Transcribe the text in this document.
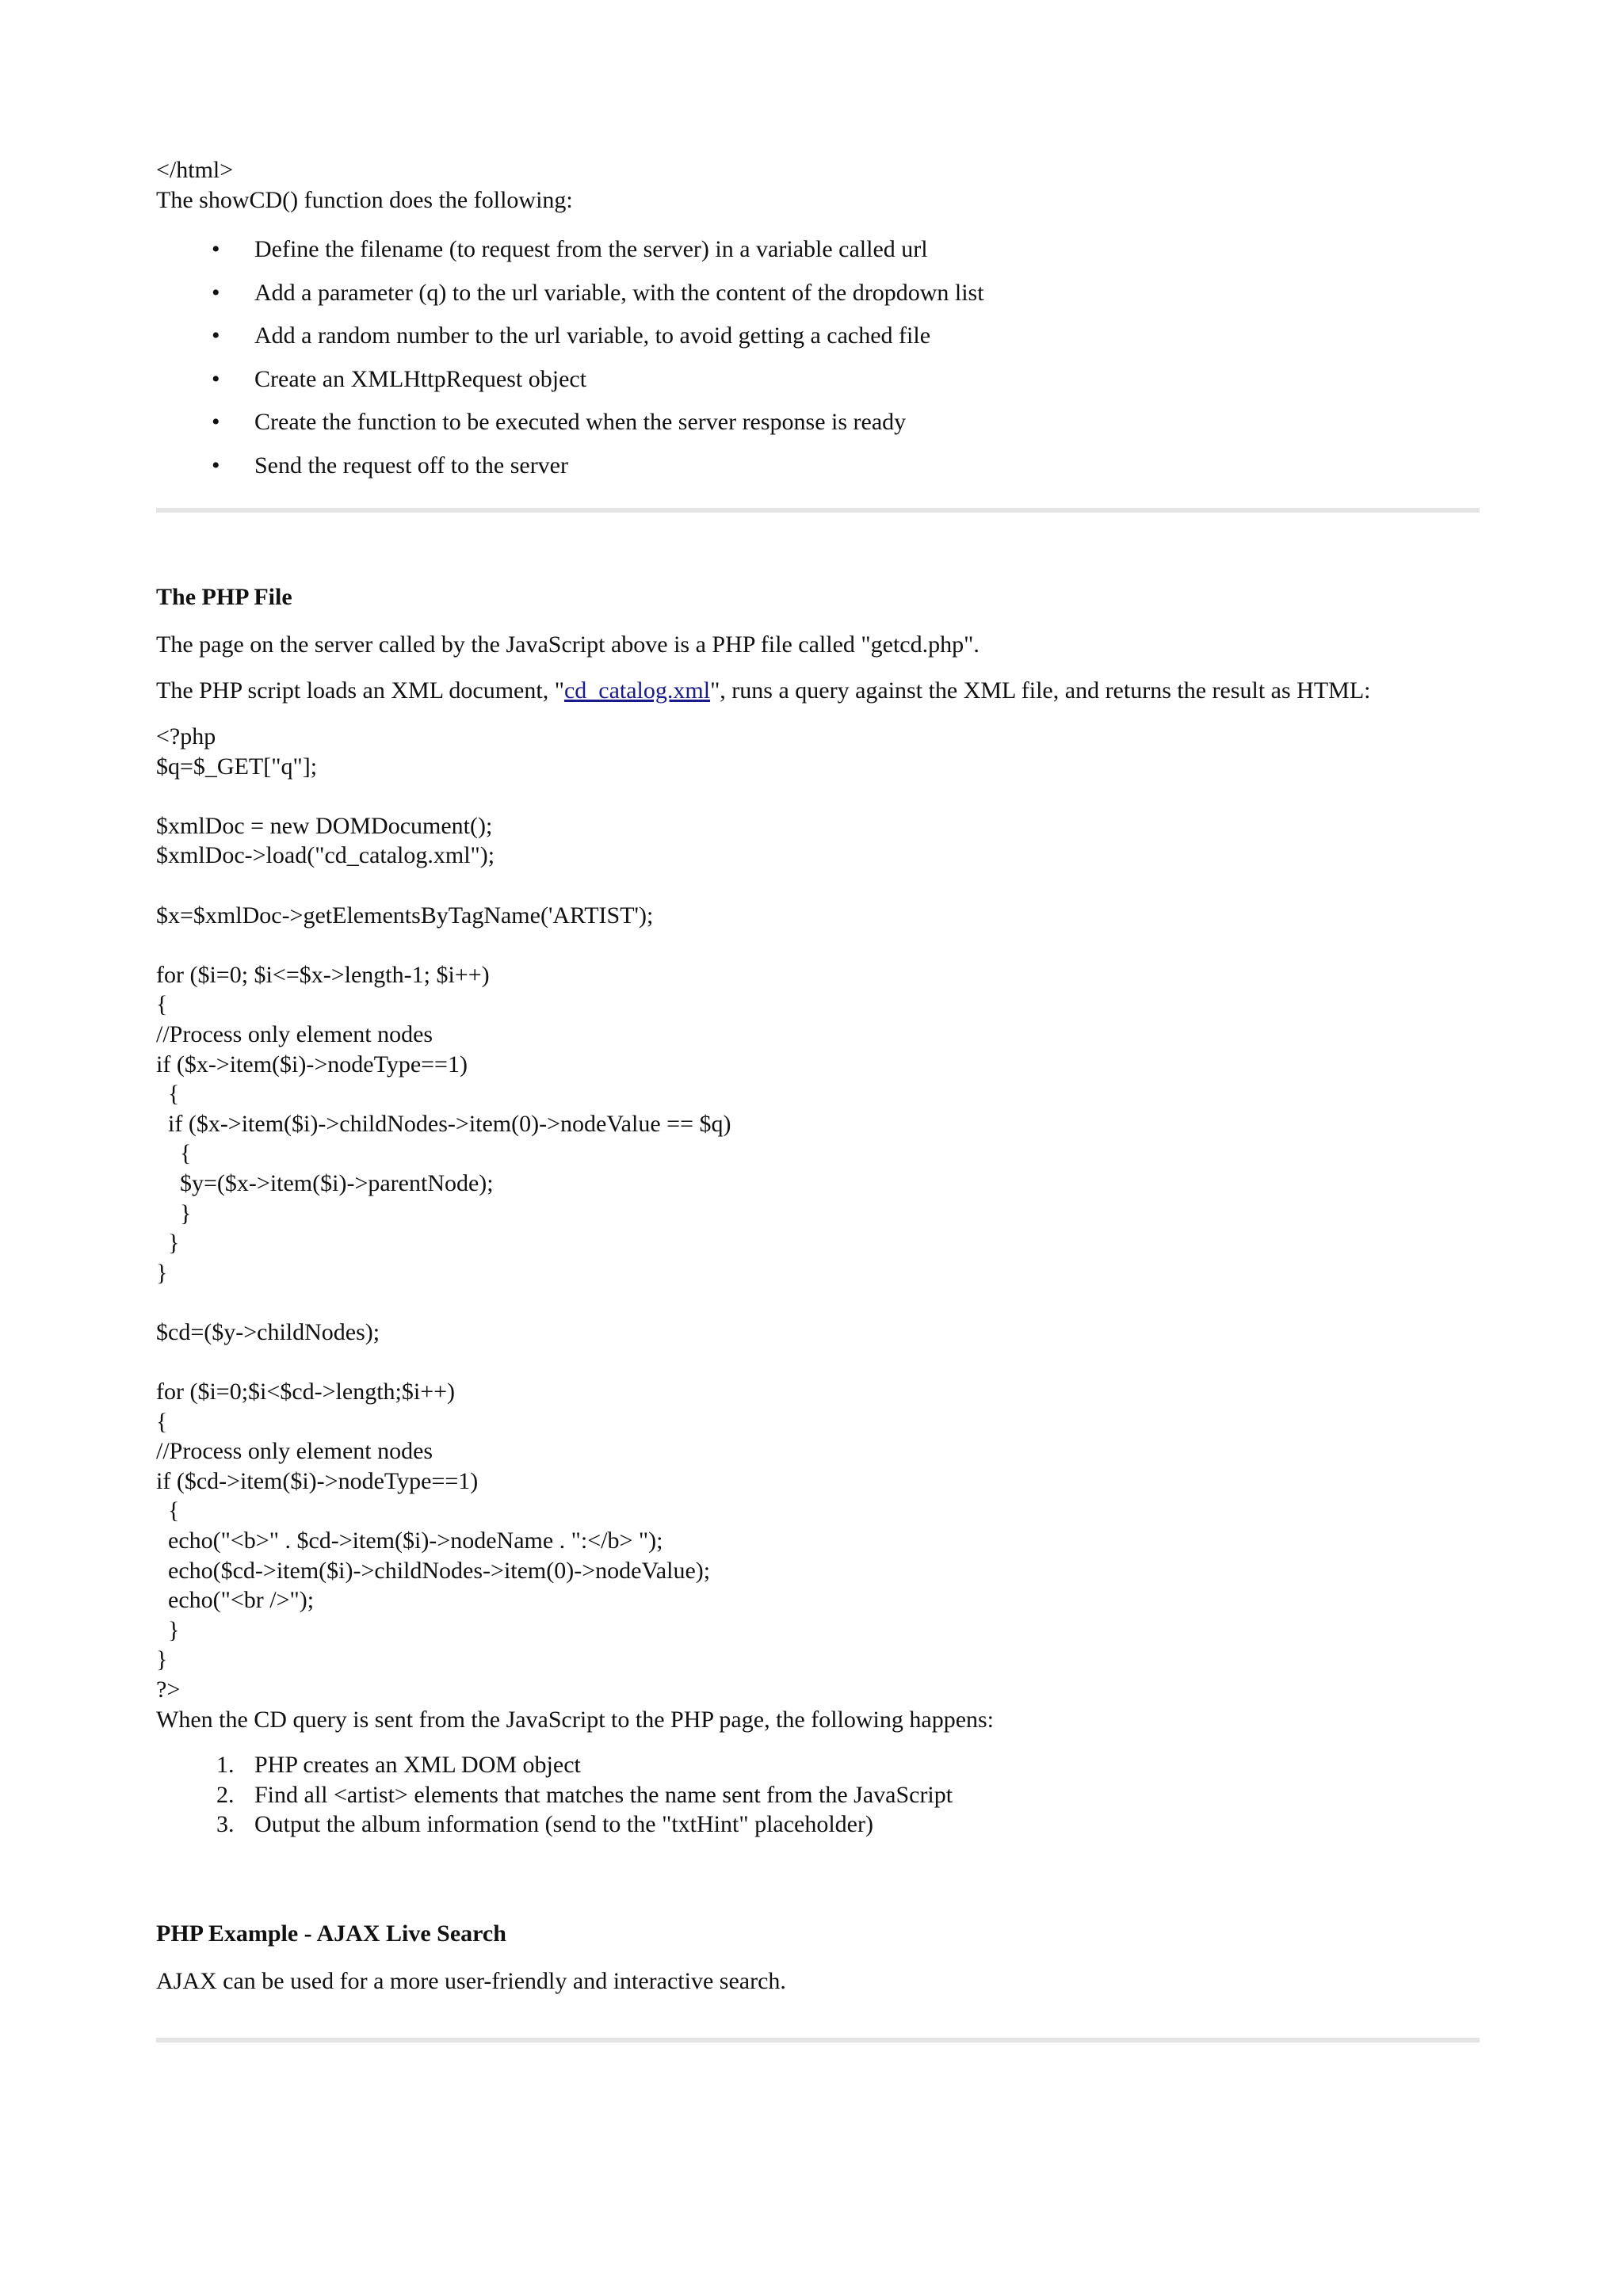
</html>

The showCD() function does the following:

• Define the filename (to request from the server) in a variable called url
• Add a parameter (q) to the url variable, with the content of the dropdown list
• Add a random number to the url variable, to avoid getting a cached file
• Create an XMLHttpRequest object
• Create the function to be executed when the server response is ready
• Send the request off to the server
The PHP File

The page on the server called by the JavaScript above is a PHP file called "getcd.php".

The PHP script loads an XML document, "cd_catalog.xml", runs a query against the XML file, and returns the result as HTML:

<?php
$q=$_GET["q"];
$xmlDoc = new DOMDocument();
$xmlDoc->load("cd_catalog.xml");
$x=$xmlDoc->getElementsByTagName('ARTIST');
for ($i=0; $i<=$x->length-1; $i++)
{
//Process only element nodes
if ($x->item($i)->nodeType==1)
{
if ($x->item($i)->childNodes->item(0)->nodeValue == $q)
{
$y=($x->item($i)->parentNode);
}
}
}
$cd=($y->childNodes);
for ($i=0;$i<$cd->length;$i++)
{
//Process only element nodes
if ($cd->item($i)->nodeType==1)
{
echo("<b>" . $cd->item($i)->nodeName . ":</b> ");
echo($cd->item($i)->childNodes->item(0)->nodeValue);
echo("<br />");
}
}
?>
When the CD query is sent from the JavaScript to the PHP page, the following happens:
1. PHP creates an XML DOM object
2. Find all <artist> elements that matches the name sent from the JavaScript
3. Output the album information (send to the "txtHint" placeholder)
PHP Example - AJAX Live Search

AJAX can be used for a more user-friendly and interactive search.
